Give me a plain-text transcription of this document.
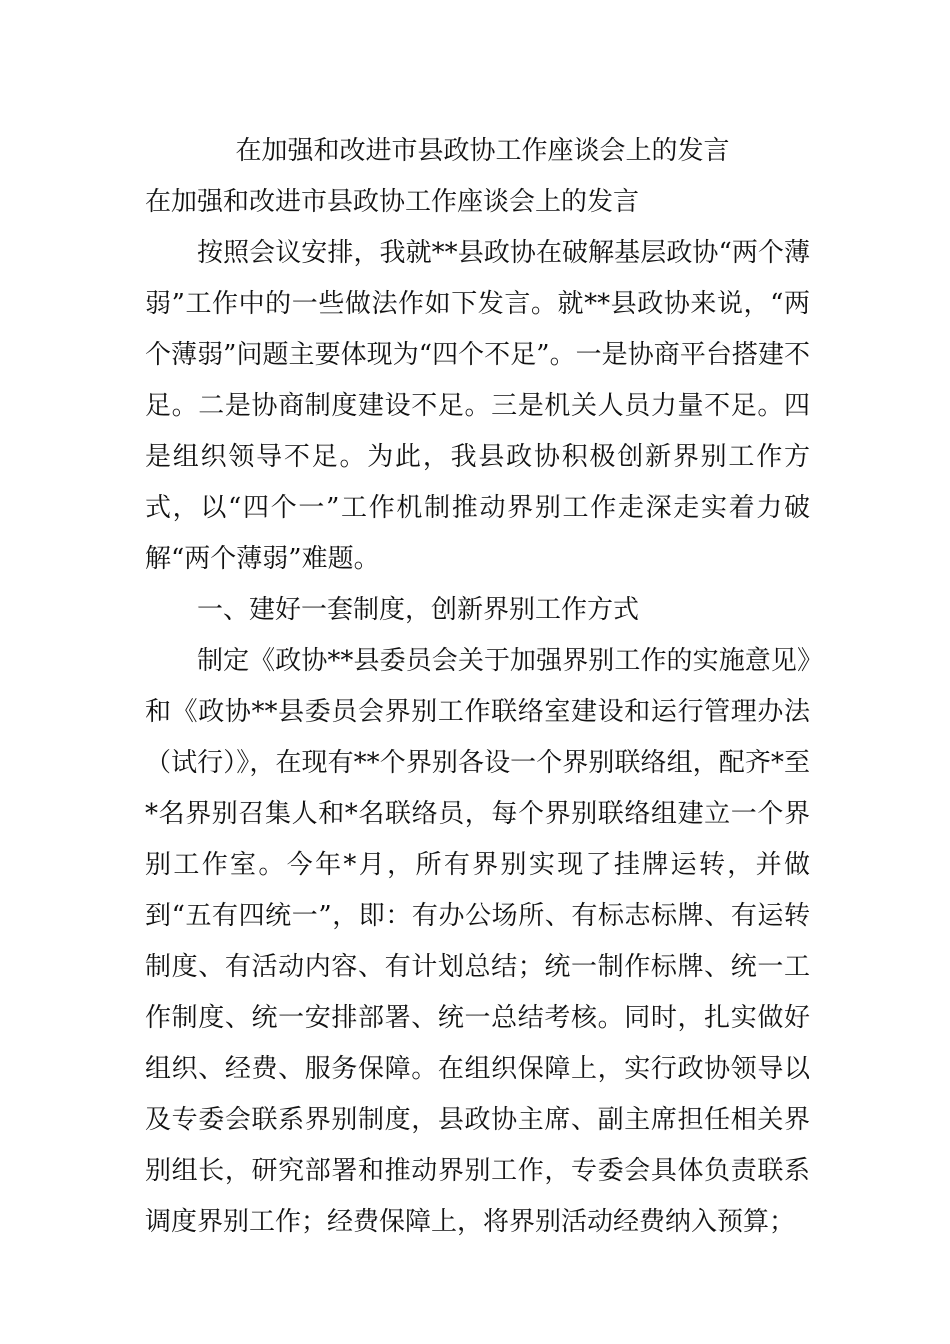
在加强和改进市县政协工作座谈会上的发言

在加强和改进市县政协工作座谈会上的发言

按照会议安排，我就**县政协在破解基层政协“两个薄弱”工作中的一些做法作如下发言。就**县政协来说，“两个薄弱”问题主要体现为“四个不足”。一是协商平台搭建不足。二是协商制度建设不足。三是机关人员力量不足。四是组织领导不足。为此，我县政协积极创新界别工作方式，以“四个一”工作机制推动界别工作走深走实着力破解“两个薄弱”难题。

一、建好一套制度，创新界别工作方式

制定《政协**县委员会关于加强界别工作的实施意见》和《政协**县委员会界别工作联络室建设和运行管理办法（试行）》，在现有**个界别各设一个界别联络组，配齐*至*名界别召集人和*名联络员，每个界别联络组建立一个界别工作室。今年*月，所有界别实现了挂牌运转，并做到“五有四统一”，即：有办公场所、有标志标牌、有运转制度、有活动内容、有计划总结；统一制作标牌、统一工作制度、统一安排部署、统一总结考核。同时，扎实做好组织、经费、服务保障。在组织保障上，实行政协领导以及专委会联系界别制度，县政协主席、副主席担任相关界别组长，研究部署和推动界别工作，专委会具体负责联系调度界别工作；经费保障上，将界别活动经费纳入预算；
